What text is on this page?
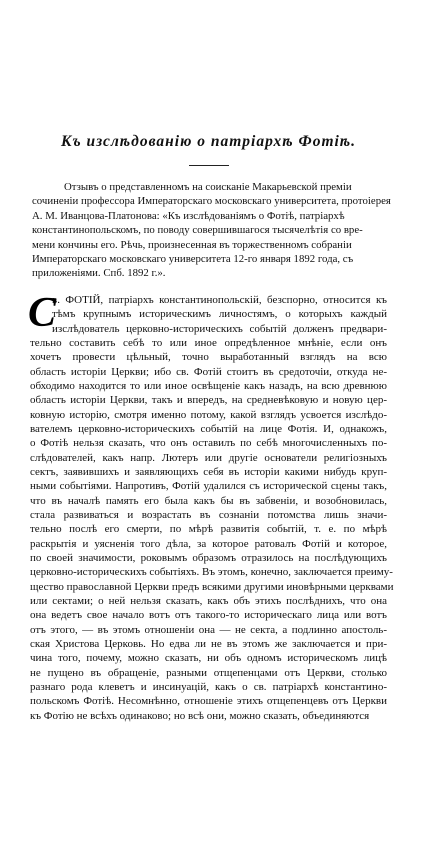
Къ изслѣдованію о патріархѣ Фотіѣ.
Отзывъ о представленномъ на соисканіе Макарьевской преміи
сочиненіи профессора Императорскаго московскаго университета, протоіерея
А. М. Иванцова-Платонова: «Къ изслѣдованіямъ о Фотіѣ, патріархѣ
константинопольскомъ, по поводу совершившагося тысячелѣтія со вре-
мени кончины его. Рѣчь, произнесенная въ торжественномъ собраніи
Императорскаго московскаго университета 12-го января 1892 года, съ
приложеніями. Спб. 1892 г.».
С
в. ФОТІЙ, патріархъ константинопольскій, безспорно, относится къ
тѣмъ крупнымъ историческимъ личностямъ, о которыхъ каждый
изслѣдователь церковно-историческихъ событій долженъ предвари-
тельно составить себѣ то или иное опредѣленное мнѣніе, если онъ
хочетъ провести цѣльный, точно выработанный взглядъ на всю
область исторіи Церкви; ибо св. Фотій стоитъ въ средоточіи, откуда не-
обходимо находится то или иное освѣщеніе какъ назадъ, на всю древнюю
область исторіи Церкви, такъ и впередъ, на средневѣковую и новую цер-
ковную исторію, смотря именно потому, какой взглядъ усвоется изслѣдо-
вателемъ церковно-историческихъ событій на лице Фотія. И, однакожъ,
о Фотіѣ нельзя сказать, что онъ оставилъ по себѣ многочисленныхъ по-
слѣдователей, какъ напр. Лютеръ или другіе основатели религіозныхъ
сектъ, заявившихъ и заявляющихъ себя въ исторіи какими нибудь круп-
ными событіями. Напротивъ, Фотій удалился съ исторической сцены такъ,
что въ началѣ память его была какъ бы въ забвеніи, и возобновилась,
стала развиваться и возрастать въ сознаніи потомства лишь значи-
тельно послѣ его смерти, по мѣрѣ развитія событій, т. е. по мѣрѣ
раскрытія и уясненія того дѣла, за которое ратовалъ Фотій и которое,
по своей значимости, роковымъ образомъ отразилось на послѣдующихъ
церковно-историческихъ событіяхъ. Въ этомъ, конечно, заключается преиму-
щество православной Церкви предъ всякими другими иновѣрными церквами
или сектами; о ней нельзя сказать, какъ объ этихъ послѣднихъ, что она
она ведетъ свое начало вотъ отъ такого-то историческаго лица или вотъ
отъ этого, — въ этомъ отношеніи она — не секта, а подлинно апостоль-
ская Христова Церковь. Но едва ли не въ этомъ же заключается и при-
чина того, почему, можно сказать, ни объ одномъ историческомъ лицѣ
не пущено въ обращеніе, разными отщепенцами отъ Церкви, столько
разнаго рода клеветъ и инсинуацій, какъ о св. патріархѣ константино-
польскомъ Фотіѣ. Несомнѣнно, отношеніе этихъ отщепенцевъ отъ Церкви
къ Фотію не всѣхъ одинаково; но всѣ они, можно сказать, объединяются
